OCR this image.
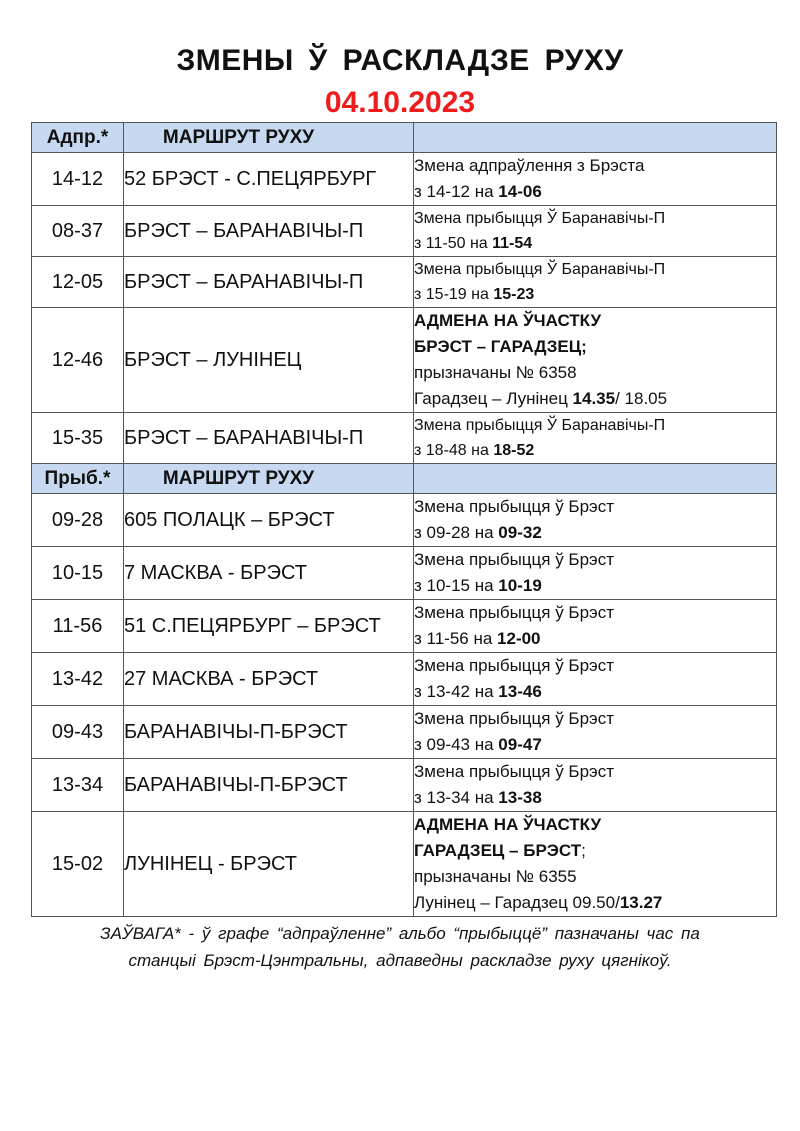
ЗМЕНЫ Ў РАСКЛАДЗЕ РУХУ
04.10.2023
Адпр.*	МАРШРУТ РУХУ	
14-12	52 БРЭСТ - С.ПЕЦЯРБУРГ	Змена адпраўлення з Брэста
з 14-12 на 14-06

08-37	БРЭСТ – БАРАНАВІЧЫ-П	Змена прыбыцця Ў Баранавічы-П
з 11-50 на 11-54

12-05	БРЭСТ – БАРАНАВІЧЫ-П	Змена прыбыцця Ў Баранавічы-П
з 15-19 на 15-23

12-46	БРЭСТ – ЛУНІНЕЦ	АДМЕНА НА ЎЧАСТКУ
БРЭСТ – ГАРАДЗЕЦ;
прызначаны № 6358
Гарадзец – Лунінец 14.35/ 18.05

15-35	БРЭСТ – БАРАНАВІЧЫ-П	Змена прыбыцця Ў Баранавічы-П
з 18-48 на 18-52

Прыб.*	МАРШРУТ РУХУ	
09-28	605 ПОЛАЦК – БРЭСТ	Змена прыбыцця ў Брэст
з 09-28 на 09-32

10-15	7 МАСКВА - БРЭСТ	Змена прыбыцця ў Брэст
з 10-15 на 10-19

11-56	51 С.ПЕЦЯРБУРГ – БРЭСТ	Змена прыбыцця ў Брэст
з 11-56 на 12-00

13-42	27 МАСКВА - БРЭСТ	Змена прыбыцця ў Брэст
з 13-42 на 13-46

09-43	БАРАНАВІЧЫ-П-БРЭСТ	Змена прыбыцця ў Брэст
з 09-43 на 09-47

13-34	БАРАНАВІЧЫ-П-БРЭСТ	Змена прыбыцця ў Брэст
з 13-34 на 13-38

15-02	ЛУНІНЕЦ - БРЭСТ	АДМЕНА НА ЎЧАСТКУ
ГАРАДЗЕЦ – БРЭСТ;
прызначаны № 6355
Лунінец – Гарадзец 09.50/13.27
ЗАЎВАГА* - ў графе “адпраўленне” альбо “прыбыццё” пазначаны час па
станцыі Брэст-Цэнтральны, адпаведны раскладзе руху цягнікоў.
